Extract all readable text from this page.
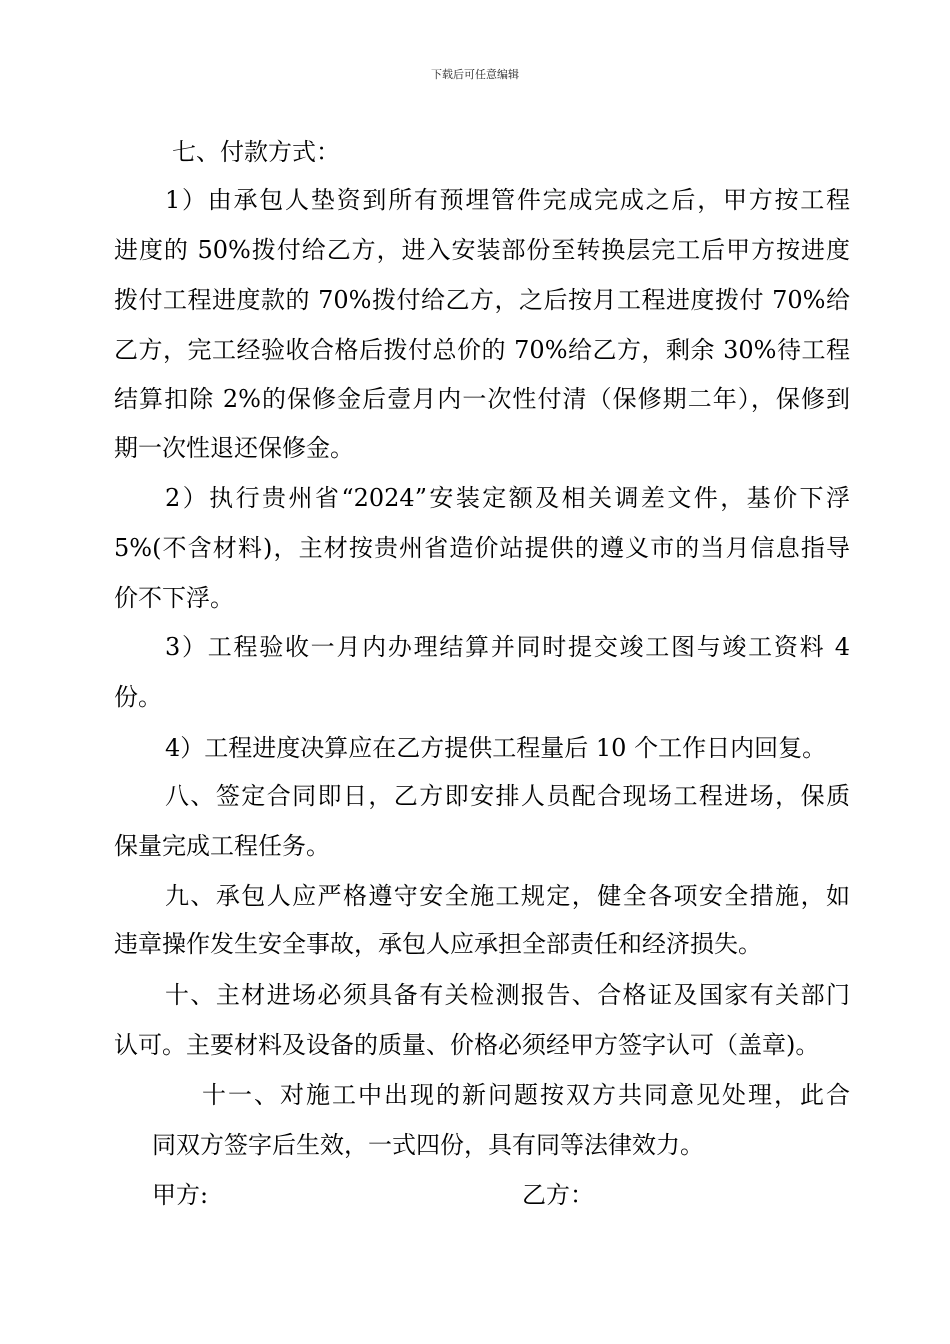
下载后可任意编辑
七、付款方式：
1）由承包人垫资到所有预埋管件完成完成之后，甲方按工程
进度的 50%拨付给乙方，进入安装部份至转换层完工后甲方按进度
拨付工程进度款的 70%拨付给乙方，之后按月工程进度拨付 70%给
乙方，完工经验收合格后拨付总价的 70%给乙方，剩余 30%待工程
结算扣除 2%的保修金后壹月内一次性付清（保修期二年），保修到
期一次性退还保修金。
2）执行贵州省“2024”安装定额及相关调差文件，基价下浮
5%(不含材料)，主材按贵州省造价站提供的遵义市的当月信息指导
价不下浮。
3）工程验收一月内办理结算并同时提交竣工图与竣工资料 4
份。
4）工程进度决算应在乙方提供工程量后 10 个工作日内回复。
八、签定合同即日，乙方即安排人员配合现场工程进场，保质
保量完成工程任务。
九、承包人应严格遵守安全施工规定，健全各项安全措施，如
违章操作发生安全事故，承包人应承担全部责任和经济损失。
十、主材进场必须具备有关检测报告、合格证及国家有关部门
认可。主要材料及设备的质量、价格必须经甲方签字认可（盖章)。
十一、对施工中出现的新问题按双方共同意见处理，此合
同双方签字后生效，一式四份，具有同等法律效力。
甲方:	乙方：
